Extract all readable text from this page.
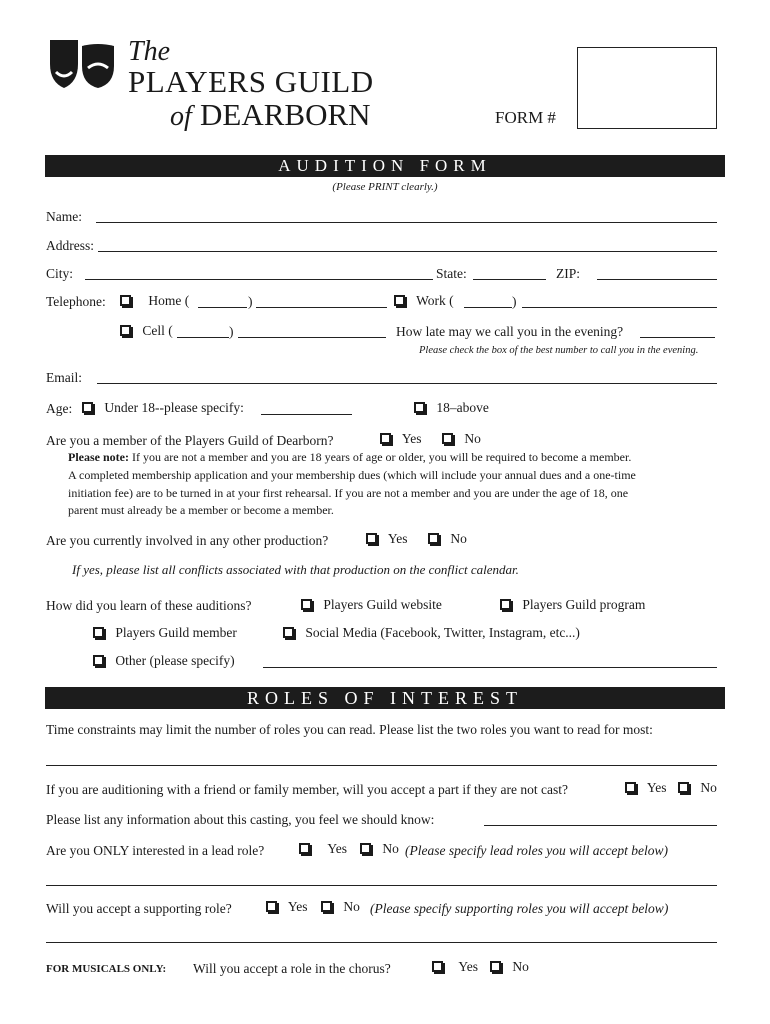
The
PLAYERS GUILD
of DEARBORN	FORM #
AUDITION FORM
(Please PRINT clearly.)
Name:
Address:
City:	State:	ZIP:
Telephone:	Home (	)	Work (	)
Cell (	)	How late may we call you in the evening?
Please check the box of the best number to call you in the evening.
Email:
Age:	Under 18--please specify:	18–above
Are you a member of the Players Guild of Dearborn?	Yes	No
Please note: If you are not a member and you are 18 years of age or older, you will be required to become a member.
A completed membership application and your membership dues (which will include your annual dues and a one-time
initiation fee) are to be turned in at your first rehearsal. If you are not a member and you are under the age of 18, one
parent must already be a member or become a member.
Are you currently involved in any other production?	Yes	No
If yes, please list all conflicts associated with that production on the conflict calendar.
How did you learn of these auditions?	Players Guild website	Players Guild program
Players Guild member	Social Media (Facebook, Twitter, Instagram, etc...)
Other (please specify)
ROLES OF INTEREST
Time constraints may limit the number of roles you can read. Please list the two roles you want to read for most:
If you are auditioning with a friend or family member, will you accept a part if they are not cast?	Yes	No
Please list any information about this casting, you feel we should know:
Are you ONLY interested in a lead role?	Yes	No (Please specify lead roles you will accept below)
Will you accept a supporting role?	Yes	No (Please specify supporting roles you will accept below)
FOR MUSICALS ONLY: Will you accept a role in the chorus?	Yes	No
